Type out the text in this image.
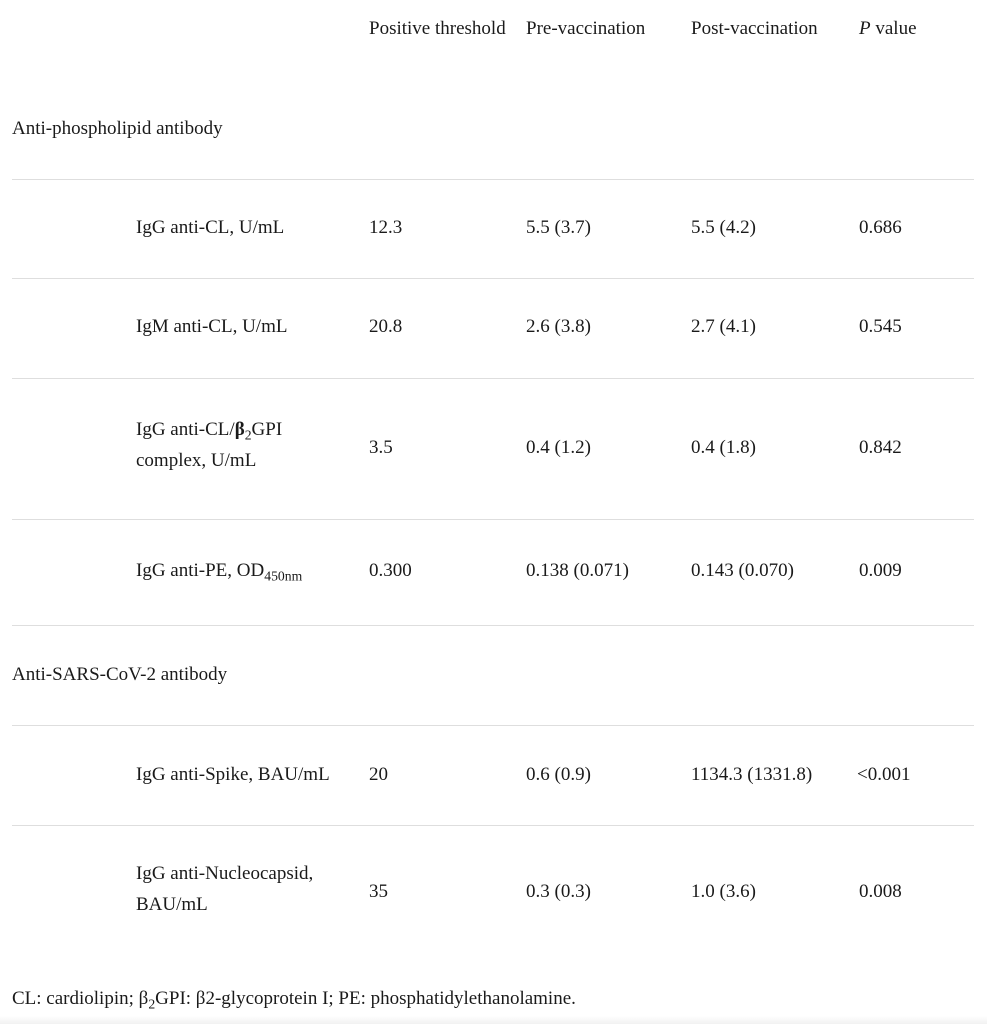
Positive threshold Pre-vaccination Post-vaccination P value
Anti-phospholipid antibody
IgG anti-CL, U/mL	12.3	5.5 (3.7)	5.5 (4.2)	0.686
IgM anti-CL, U/mL	20.8	2.6 (3.8)	2.7 (4.1)	0.545
IgG anti-$CL/\beta_2GPI$
complex, U/mL
3.5	0.4 (1.2)	0.4 (1.8)	0.842
IgG anti-PE, $OD_{450nm}$	0.300	0.138 (0.071)	0.143 (0.070)	0.009
Anti-SARS-CoV-2 antibody
IgG anti-Spike, BAU/mL 20	0.6 (0.9)	1134.3 (1331.8) <0.001
IgG anti-Nucleocapsid,
BAU/mL
35	0.3 (0.3)	1.0 (3.6)	0.008
CL: cardiolipin; $\beta_2GPI$: β2-glycoprotein I; PE: phosphatidylethanolamine.
